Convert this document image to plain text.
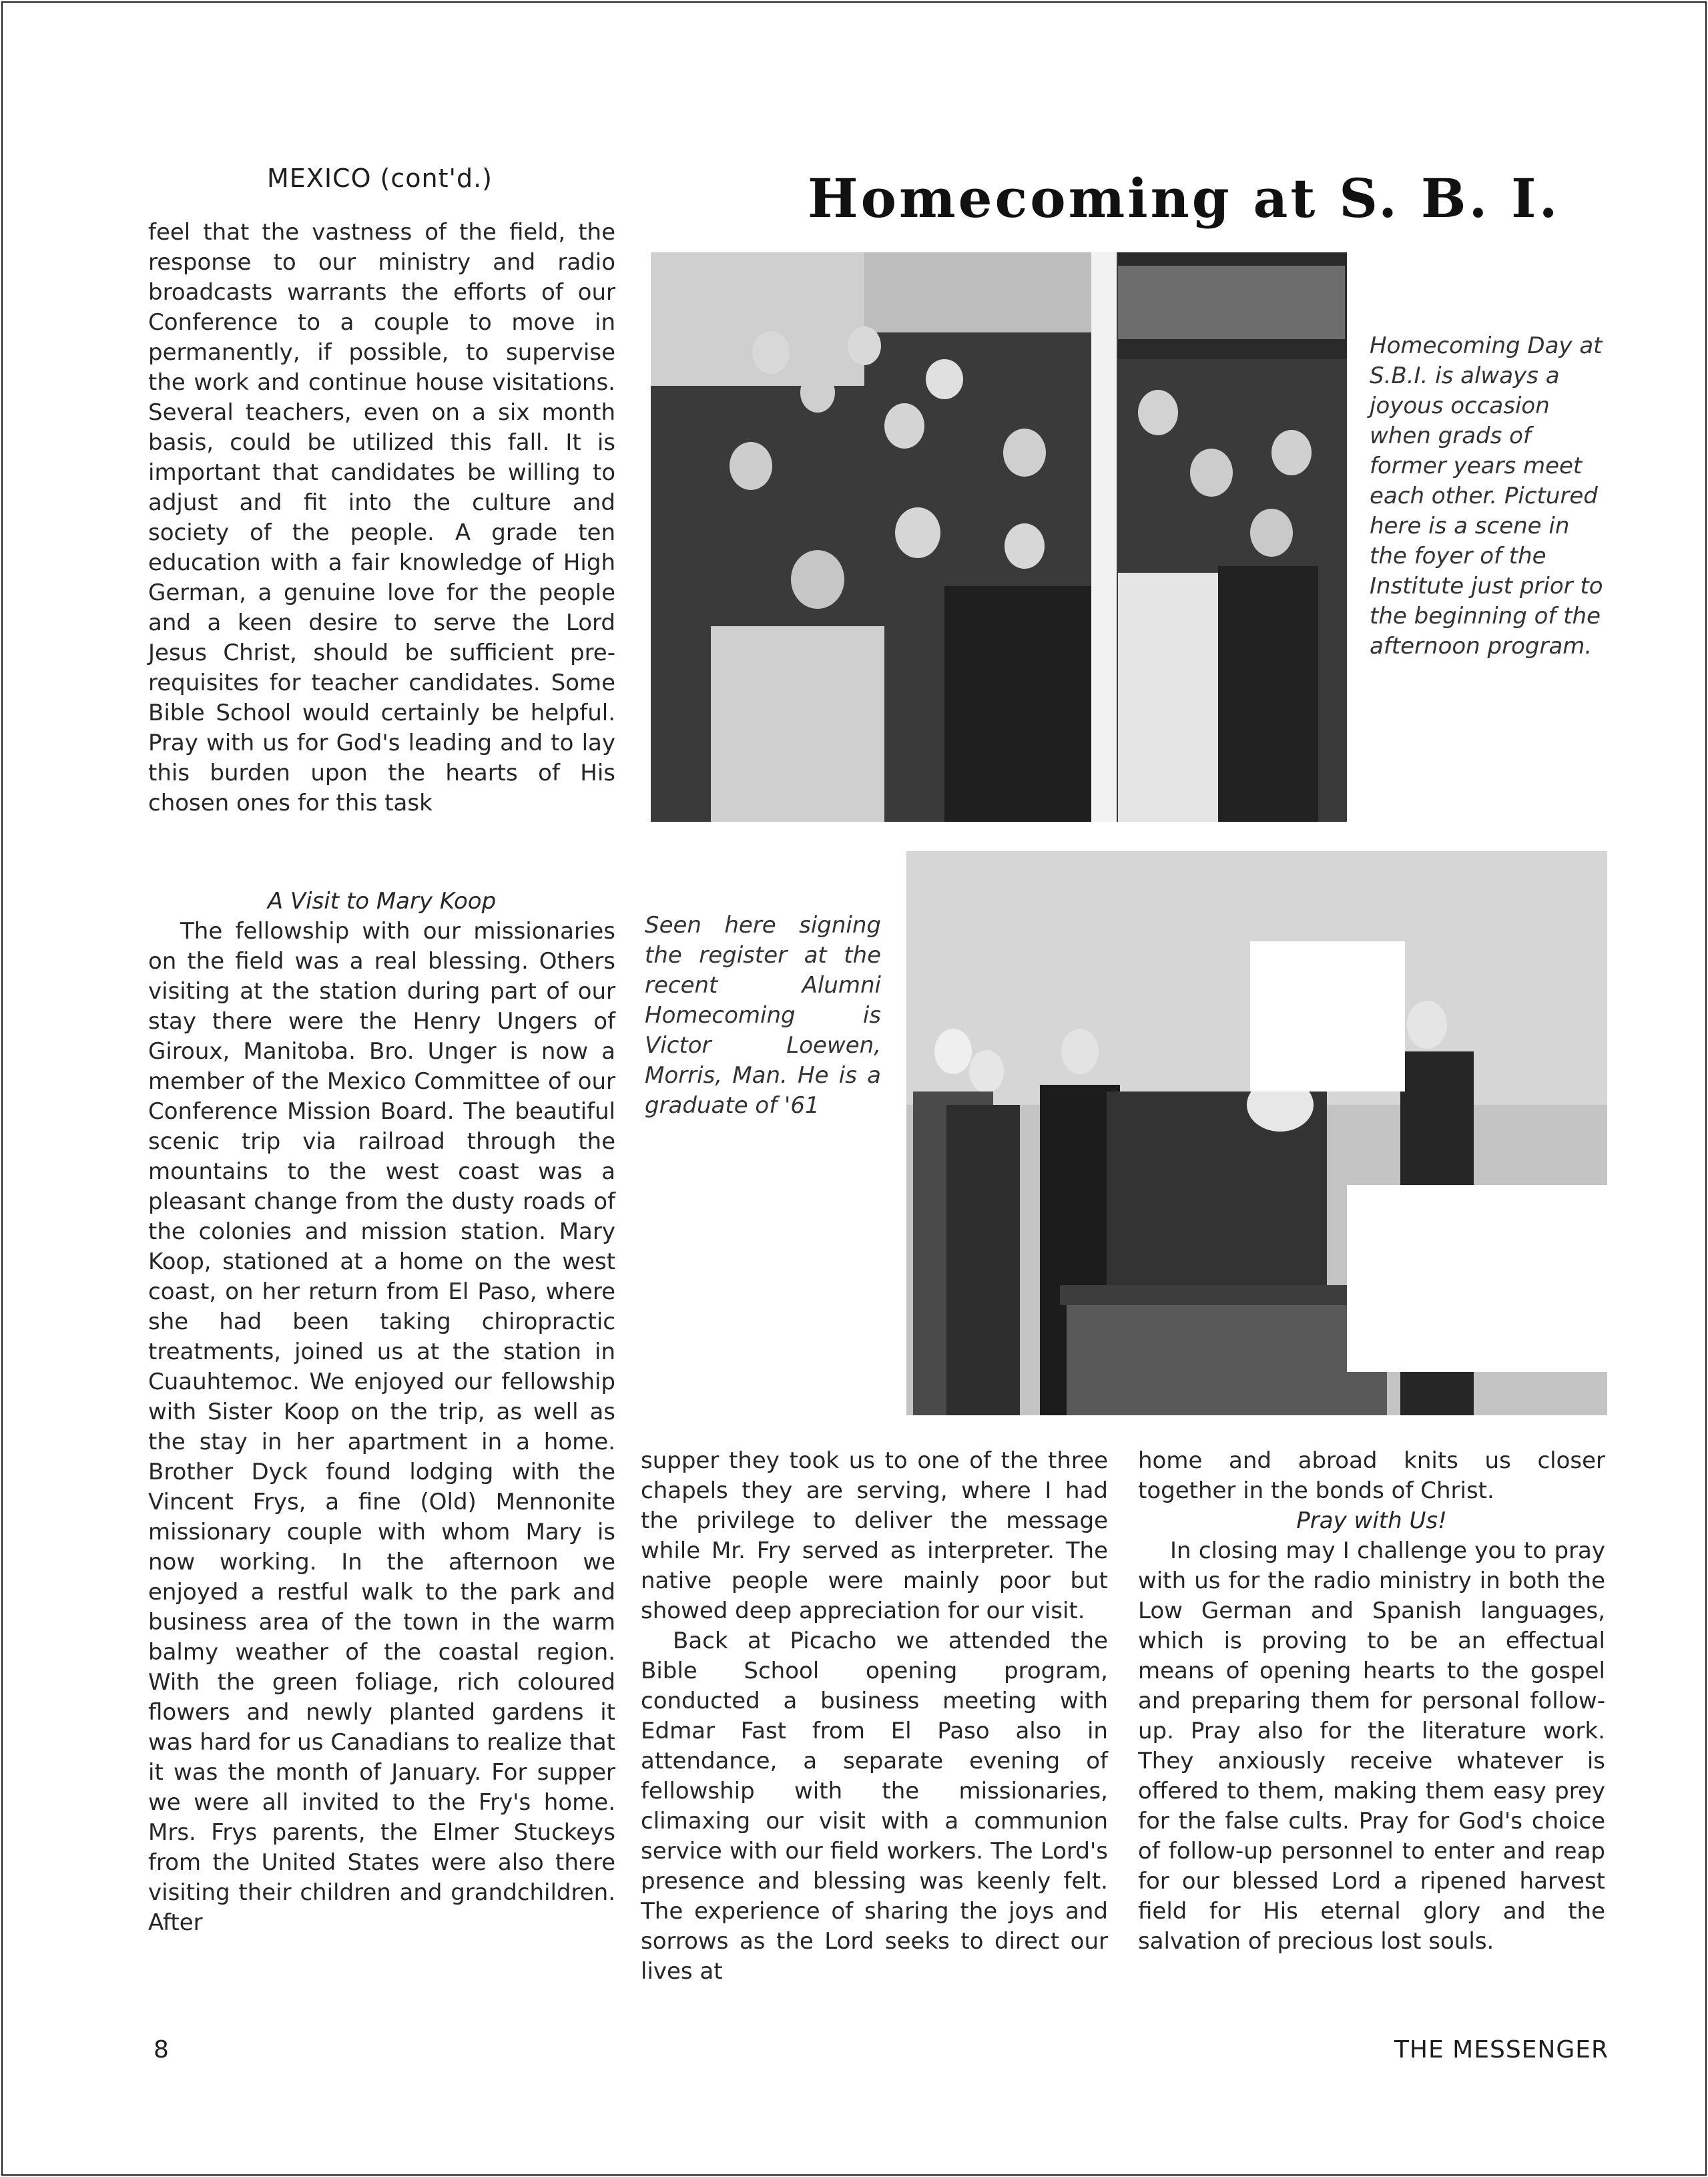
MEXICO (cont'd.)	Homecoming at S. B. I.

feel that the vastness of the field, the response to our ministry and radio broadcasts warrants the efforts of our Conference to a couple to move in permanently, if possible, to supervise the work and continue house visitations. Several teachers, even on a six month basis, could be utilized this fall. It is important that candidates be willing to adjust and fit into the culture and society of the people. A grade ten education with a fair knowledge of High German, a genuine love for the people and a keen desire to serve the Lord Jesus Christ, should be sufficient pre-requisites for teacher candidates. Some Bible School would certainly be helpful. Pray with us for God's leading and to lay this burden upon the hearts of His chosen ones for this task

A Visit to Mary Koop

The fellowship with our missionaries on the field was a real blessing. Others visiting at the station during part of our stay there were the Henry Ungers of Giroux, Manitoba. Bro. Unger is now a member of the Mexico Committee of our Conference Mission Board. The beautiful scenic trip via railroad through the mountains to the west coast was a pleasant change from the dusty roads of the colonies and mission station. Mary Koop, stationed at a home on the west coast, on her return from El Paso, where she had been taking chiropractic treatments, joined us at the station in Cuauhtemoc. We enjoyed our fellowship with Sister Koop on the trip, as well as the stay in her apartment in a home. Brother Dyck found lodging with the Vincent Frys, a fine (Old) Mennonite missionary couple with whom Mary is now working. In the afternoon we enjoyed a restful walk to the park and business area of the town in the warm balmy weather of the coastal region. With the green foliage, rich coloured flowers and newly planted gardens it was hard for us Canadians to realize that it was the month of January. For supper we were all invited to the Fry's home. Mrs. Frys parents, the Elmer Stuckeys from the United States were also there visiting their children and grandchildren. After

Homecoming Day at S.B.I. is always a joyous occasion when grads of former years meet each other. Pictured here is a scene in the foyer of the Institute just prior to the beginning of the afternoon program.
Seen here signing the register at the recent Alumni Homecoming is Victor Loewen, Morris, Man. He is a graduate of '61

supper they took us to one of the three chapels they are serving, where I had the privilege to deliver the message while Mr. Fry served as interpreter. The native people were mainly poor but showed deep appreciation for our visit.

Back at Picacho we attended the Bible School opening program, conducted a business meeting with Edmar Fast from El Paso also in attendance, a separate evening of fellowship with the missionaries, climaxing our visit with a communion service with our field workers. The Lord's presence and blessing was keenly felt. The experience of sharing the joys and sorrows as the Lord seeks to direct our lives at

home and abroad knits us closer together in the bonds of Christ.

Pray with Us!

In closing may I challenge you to pray with us for the radio ministry in both the Low German and Spanish languages, which is proving to be an effectual means of opening hearts to the gospel and preparing them for personal follow-up. Pray also for the literature work. They anxiously receive whatever is offered to them, making them easy prey for the false cults. Pray for God's choice of follow-up personnel to enter and reap for our blessed Lord a ripened harvest field for His eternal glory and the salvation of precious lost souls.

8	THE MESSENGER
